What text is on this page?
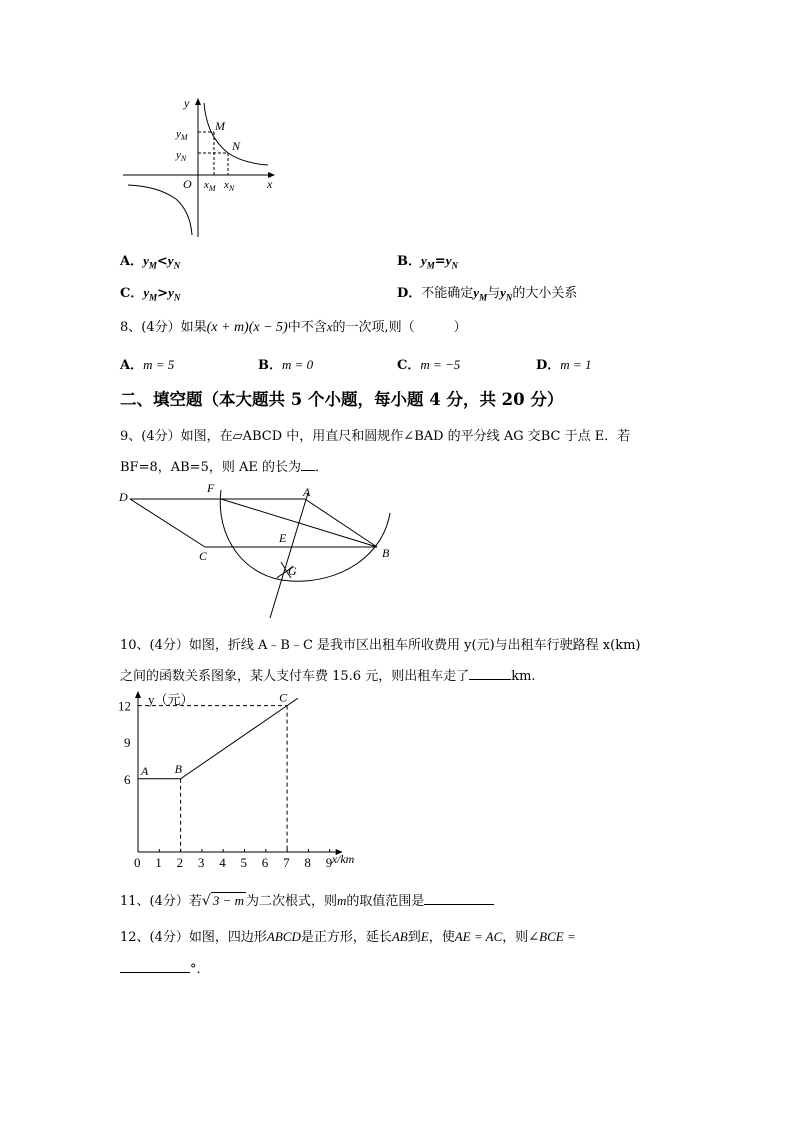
y
x
O
M
N
$y_M$
$y_N$
$x_M$ $x_N$
A．$y_M<y_N$	B．$y_M=y_N$
C．$y_M>y_N$	D．不能确定$y_M$与$y_N$的大小关系
8、(4分）如果(x + m)(x − 5)中不含x的一次项,则（　　　）
A．m = 5	B．m = 0	C．m = −5	D．m = 1
二、填空题（本大题共 5 个小题，每小题 4 分，共 20 分）
9、(4分）如图，在▱ABCD 中，用直尺和圆规作∠BAD 的平分线 AG 交BC 于点 E．若
BF=8，AB=5，则 AE 的长为 ．
D
F	A
E
C	B
G
10、(4分）如图，折线 A﹣B﹣C 是我市区出租车所收费用 y(元)与出租车行驶路程 x(km)
之间的函数关系图象，某人支付车费 15.6 元，则出租车走了	km.
0 1 2 3 4 5 6 7 8 9
6
9
12 y（元）
x/km
A B
C
11、(4分）若√ 3 − m 为二次根式，则m的取值范围是
12、(4分）如图，四边形ABCD是正方形，延长AB到E，使AE = AC，则∠BCE =
°．
